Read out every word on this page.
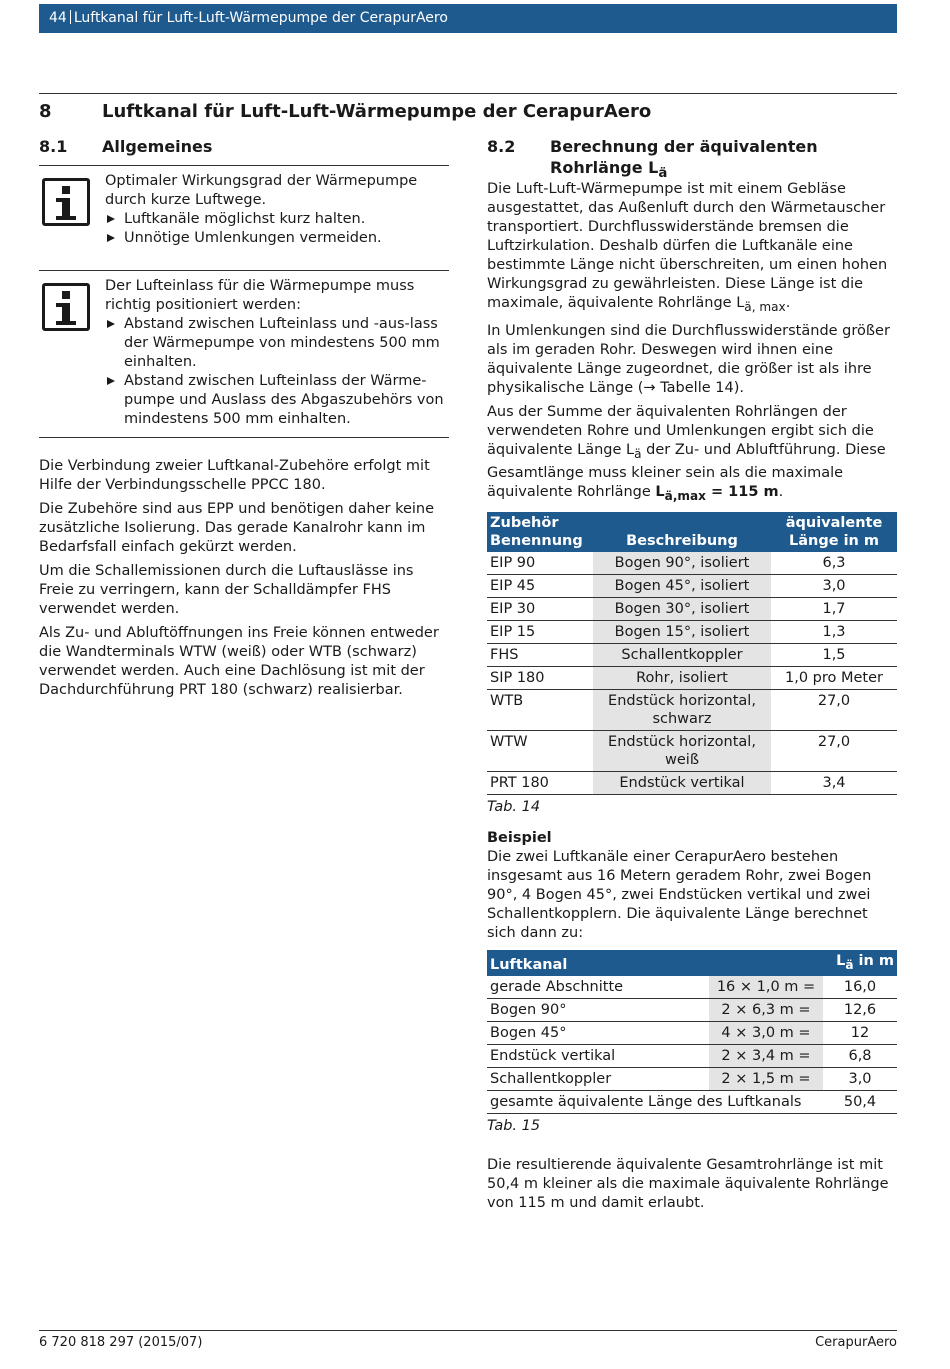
44 Luftkanal für Luft-Luft-Wärmepumpe der CerapurAero
8	Luftkanal für Luft-Luft-Wärmepumpe der CerapurAero
8.1 Allgemeines

Optimaler Wirkungsgrad der Wärmepumpe durch kurze Luftwege.

Luftkanäle möglichst kurz halten.
Unnötige Umlenkungen vermeiden.

Der Lufteinlass für die Wärmepumpe muss richtig positioniert werden:

Abstand zwischen Lufteinlass und -aus-lass der Wärmepumpe von mindestens 500 mm einhalten.
Abstand zwischen Lufteinlass der Wärme-pumpe und Auslass des Abgaszubehörs von mindestens 500 mm einhalten.

Die Verbindung zweier Luftkanal-Zubehöre erfolgt mit Hilfe der Verbindungsschelle PPCC 180.

Die Zubehöre sind aus EPP und benötigen daher keine zusätzliche Isolierung. Das gerade Kanalrohr kann im Bedarfsfall einfach gekürzt werden.

Um die Schallemissionen durch die Luftauslässe ins Freie zu verringern, kann der Schalldämpfer FHS verwendet werden.

Als Zu- und Abluftöffnungen ins Freie können entweder die Wandterminals WTW (weiß) oder WTB (schwarz) verwendet werden. Auch eine Dachlösung ist mit der Dachdurchführung PRT 180 (schwarz) realisierbar.

8.2 Berechnung der äquivalenten
Rohrlänge $L_ä$

Die Luft-Luft-Wärmepumpe ist mit einem Gebläse ausgestattet, das Außenluft durch den Wärmetauscher transportiert. Durchflusswiderstände bremsen die Luftzirkulation. Deshalb dürfen die Luftkanäle eine bestimmte Länge nicht überschreiten, um einen hohen Wirkungsgrad zu gewährleisten. Diese Länge ist die maximale, äquivalente Rohrlänge $L_{ä, max}$.

In Umlenkungen sind die Durchflusswiderstände größer als im geraden Rohr. Deswegen wird ihnen eine äquivalente Länge zugeordnet, die größer ist als ihre physikalische Länge (→ Tabelle 14).

Aus der Summe der äquivalenten Rohrlängen der verwendeten Rohre und Umlenkungen ergibt sich die äquivalente Länge $L_ä$ der Zu- und Abluftführung. Diese Gesamtlänge muss kleiner sein als die maximale äquivalente Rohrlänge $L_{ä,max} = 115$ m.

Zubehör
Benennung	Beschreibung	äquivalente Länge in m
EIP 90	Bogen 90°, isoliert	6,3
EIP 45	Bogen 45°, isoliert	3,0
EIP 30	Bogen 30°, isoliert	1,7
EIP 15	Bogen 15°, isoliert	1,3
FHS	Schallentkoppler	1,5
SIP 180	Rohr, isoliert	1,0 pro Meter
WTB	Endstück horizontal, schwarz	27,0
WTW	Endstück horizontal, weiß	27,0
PRT 180	Endstück vertikal	3,4
Tab. 14
Beispiel

Die zwei Luftkanäle einer CerapurAero bestehen insgesamt aus 16 Metern geradem Rohr, zwei Bogen 90°, 4 Bogen 45°, zwei Endstücken vertikal und zwei Schallentkopplern. Die äquivalente Länge berechnet sich dann zu:

Luftkanal		$L_ä$ in m
gerade Abschnitte	16 × 1,0 m =	16,0
Bogen 90°	2 × 6,3 m =	12,6
Bogen 45°	4 × 3,0 m =	12
Endstück vertikal	2 × 3,4 m =	6,8
Schallentkoppler	2 × 1,5 m =	3,0
gesamte äquivalente Länge des Luftkanals		50,4
Tab. 15

Die resultierende äquivalente Gesamtrohrlänge ist mit 50,4 m kleiner als die maximale äquivalente Rohrlänge von 115 m und damit erlaubt.

6 720 818 297 (2015/07)	CerapurAero
